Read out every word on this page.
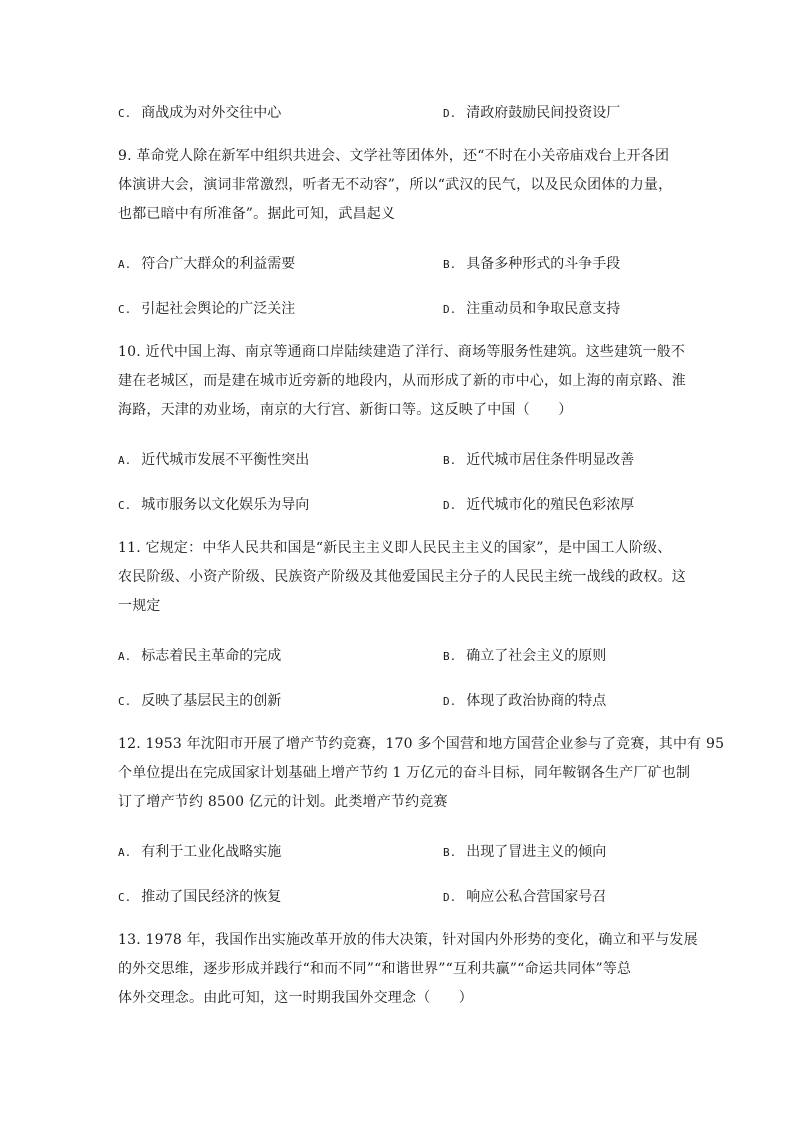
C. 商战成为对外交往中心	D. 清政府鼓励民间投资设厂
9. 革命党人除在新军中组织共进会、文学社等团体外，还“不时在小关帝庙戏台上开各团
体演讲大会，演词非常激烈，听者无不动容”，所以“武汉的民气，以及民众团体的力量，
也都已暗中有所准备”。据此可知，武昌起义
A. 符合广大群众的利益需要	B. 具备多种形式的斗争手段
C. 引起社会舆论的广泛关注	D. 注重动员和争取民意支持
10. 近代中国上海、南京等通商口岸陆续建造了洋行、商场等服务性建筑。这些建筑一般不
建在老城区，而是建在城市近旁新的地段内，从而形成了新的市中心，如上海的南京路、淮
海路，天津的劝业场，南京的大行宫、新街口等。这反映了中国（　　）
A. 近代城市发展不平衡性突出	B. 近代城市居住条件明显改善
C. 城市服务以文化娱乐为导向	D. 近代城市化的殖民色彩浓厚
11. 它规定：中华人民共和国是“新民主主义即人民民主主义的国家”，是中国工人阶级、
农民阶级、小资产阶级、民族资产阶级及其他爱国民主分子的人民民主统一战线的政权。这
一规定
A. 标志着民主革命的完成	B. 确立了社会主义的原则
C. 反映了基层民主的创新	D. 体现了政治协商的特点
12. 1953 年沈阳市开展了增产节约竞赛，170 多个国营和地方国营企业参与了竞赛，其中有 95
个单位提出在完成国家计划基础上增产节约 1 万亿元的奋斗目标，同年鞍钢各生产厂矿也制
订了增产节约 8500 亿元的计划。此类增产节约竞赛
A. 有利于工业化战略实施	B. 出现了冒进主义的倾向
C. 推动了国民经济的恢复	D. 响应公私合营国家号召
13. 1978 年，我国作出实施改革开放的伟大决策，针对国内外形势的变化，确立和平与发展
的外交思维，逐步形成并践行“和而不同”“和谐世界”“互利共赢”“命运共同体”等总
体外交理念。由此可知，这一时期我国外交理念（　　）
